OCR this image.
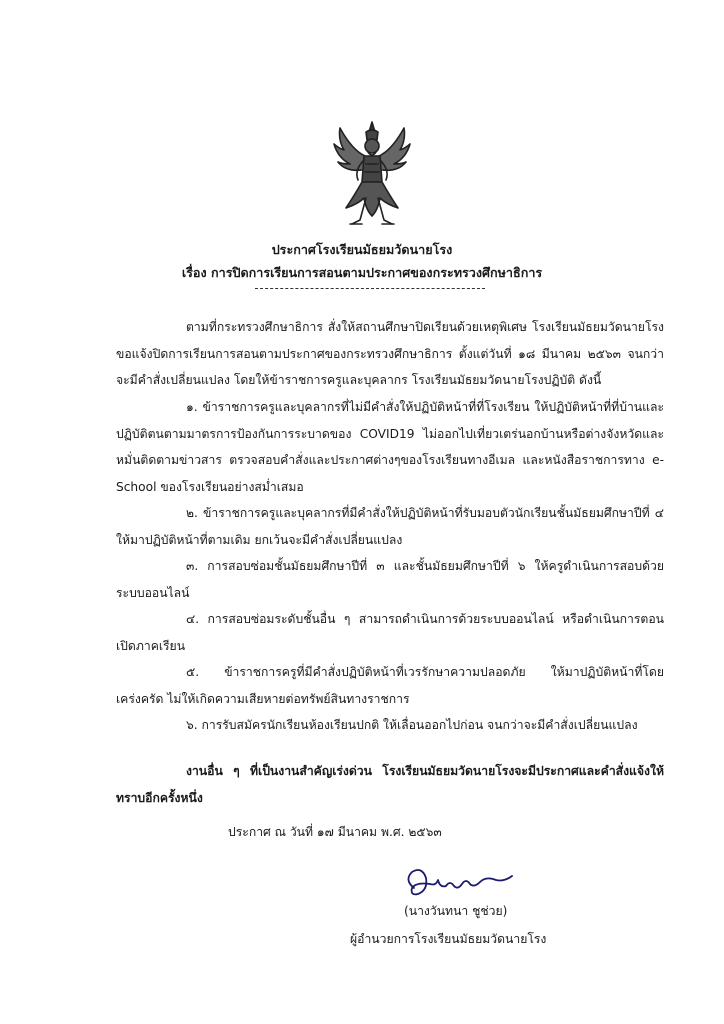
ประกาศโรงเรียนมัธยมวัดนายโรง
เรื่อง การปิดการเรียนการสอนตามประกาศของกระทรวงศึกษาธิการ

ตามที่กระทรวงศึกษาธิการ สั่งให้สถานศึกษาปิดเรียนด้วยเหตุพิเศษ โรงเรียนมัธยมวัดนายโรง ขอแจ้งปิดการเรียนการสอนตามประกาศของกระทรวงศึกษาธิการ ตั้งแต่วันที่ ๑๘ มีนาคม ๒๕๖๓ จนกว่าจะมีคำสั่งเปลี่ยนแปลง โดยให้ข้าราชการครูและบุคลากร โรงเรียนมัธยมวัดนายโรงปฏิบัติ ดังนี้

๑. ข้าราชการครูและบุคลากรที่ไม่มีคำสั่งให้ปฏิบัติหน้าที่ที่โรงเรียน ให้ปฏิบัติหน้าที่ที่บ้านและปฏิบัติตนตามมาตรการป้องกันการระบาดของ COVID19 ไม่ออกไปเที่ยวเตร่นอกบ้านหรือต่างจังหวัดและหมั่นติดตามข่าวสาร ตรวจสอบคำสั่งและประกาศต่างๆของโรงเรียนทางอีเมล และหนังสือราชการทาง e-School ของโรงเรียนอย่างสม่ำเสมอ

๒. ข้าราชการครูและบุคลากรที่มีคำสั่งให้ปฏิบัติหน้าที่รับมอบตัวนักเรียนชั้นมัธยมศึกษาปีที่ ๔ ให้มาปฏิบัติหน้าที่ตามเดิม ยกเว้นจะมีคำสั่งเปลี่ยนแปลง

๓. การสอบซ่อมชั้นมัธยมศึกษาปีที่ ๓ และชั้นมัธยมศึกษาปีที่ ๖ ให้ครูดำเนินการสอบด้วยระบบออนไลน์

๔. การสอบซ่อมระดับชั้นอื่น ๆ สามารถดำเนินการด้วยระบบออนไลน์ หรือดำเนินการตอนเปิดภาคเรียน

๕. ข้าราชการครูที่มีคำสั่งปฏิบัติหน้าที่เวรรักษาความปลอดภัย ให้มาปฏิบัติหน้าที่โดยเคร่งครัด ไม่ให้เกิดความเสียหายต่อทรัพย์สินทางราชการ

๖. การรับสมัครนักเรียนห้องเรียนปกติ ให้เลื่อนออกไปก่อน จนกว่าจะมีคำสั่งเปลี่ยนแปลง

งานอื่น ๆ ที่เป็นงานสำคัญเร่งด่วน โรงเรียนมัธยมวัดนายโรงจะมีประกาศและคำสั่งแจ้งให้ทราบอีกครั้งหนึ่ง

ประกาศ ณ วันที่ ๑๗ มีนาคม พ.ศ. ๒๕๖๓
(นางวันทนา ชูช่วย)
ผู้อำนวยการโรงเรียนมัธยมวัดนายโรง
